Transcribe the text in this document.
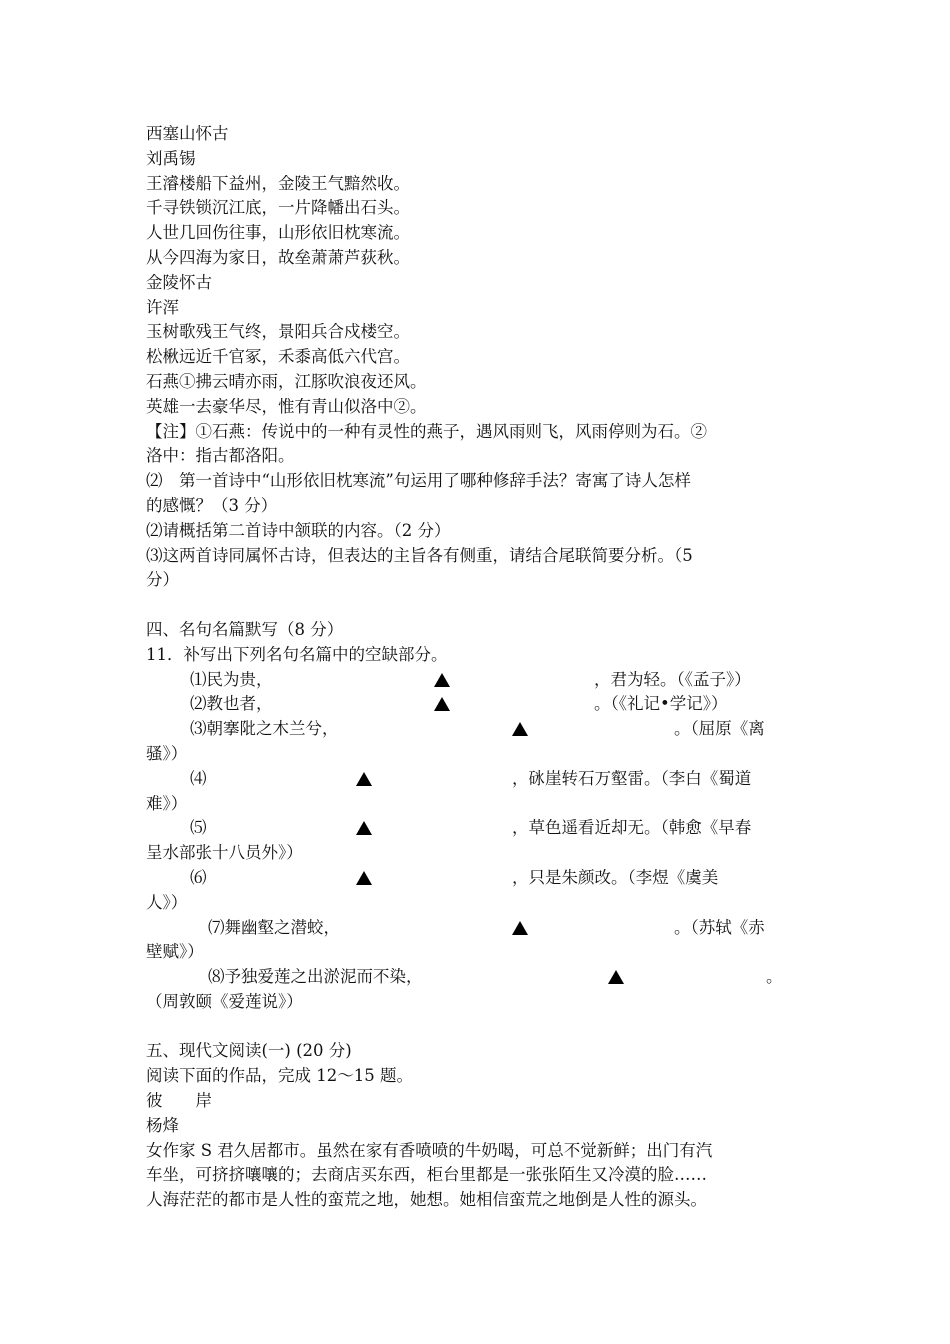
西塞山怀古
刘禹锡
王濬楼船下益州，金陵王气黯然收。
千寻铁锁沉江底，一片降幡出石头。
人世几回伤往事，山形依旧枕寒流。
从今四海为家日，故垒萧萧芦荻秋。
金陵怀古
许浑
玉树歌残王气终，景阳兵合戍楼空。
松楸远近千官冢，禾黍高低六代宫。
石燕①拂云晴亦雨，江豚吹浪夜还风。
英雄一去豪华尽，惟有青山似洛中②。
【注】①石燕：传说中的一种有灵性的燕子，遇风雨则飞，风雨停则为石。②
洛中：指古都洛阳。
⑵　第一首诗中“山形依旧枕寒流”句运用了哪种修辞手法？寄寓了诗人怎样
的感慨？（3 分）
⑵请概括第二首诗中颔联的内容。（2 分）
⑶这两首诗同属怀古诗，但表达的主旨各有侧重，请结合尾联简要分析。（5
分）
四、名句名篇默写（8 分）
11．补写出下列名句名篇中的空缺部分。
⑴民为贵，	，君为轻。（《孟子》）
⑵教也者，	。（《礼记•学记》）
⑶朝搴阰之木兰兮，	。（屈原《离
骚》）
⑷	，砯崖转石万壑雷。（李白《蜀道
难》）
⑸	，草色遥看近却无。（韩愈《早春
呈水部张十八员外》）
⑹	，只是朱颜改。（李煜《虞美
人》）
⑺舞幽壑之潜蛟，	。（苏轼《赤
壁赋》）
⑻予独爱莲之出淤泥而不染，	。
（周敦颐《爱莲说》）
五、现代文阅读(一) (20 分)
阅读下面的作品，完成 12～15 题。
彼　　岸
杨烽
女作家 S 君久居都市。虽然在家有香喷喷的牛奶喝，可总不觉新鲜；出门有汽
车坐，可挤挤嚷嚷的；去商店买东西，柜台里都是一张张陌生又冷漠的脸……
人海茫茫的都市是人性的蛮荒之地，她想。她相信蛮荒之地倒是人性的源头。
